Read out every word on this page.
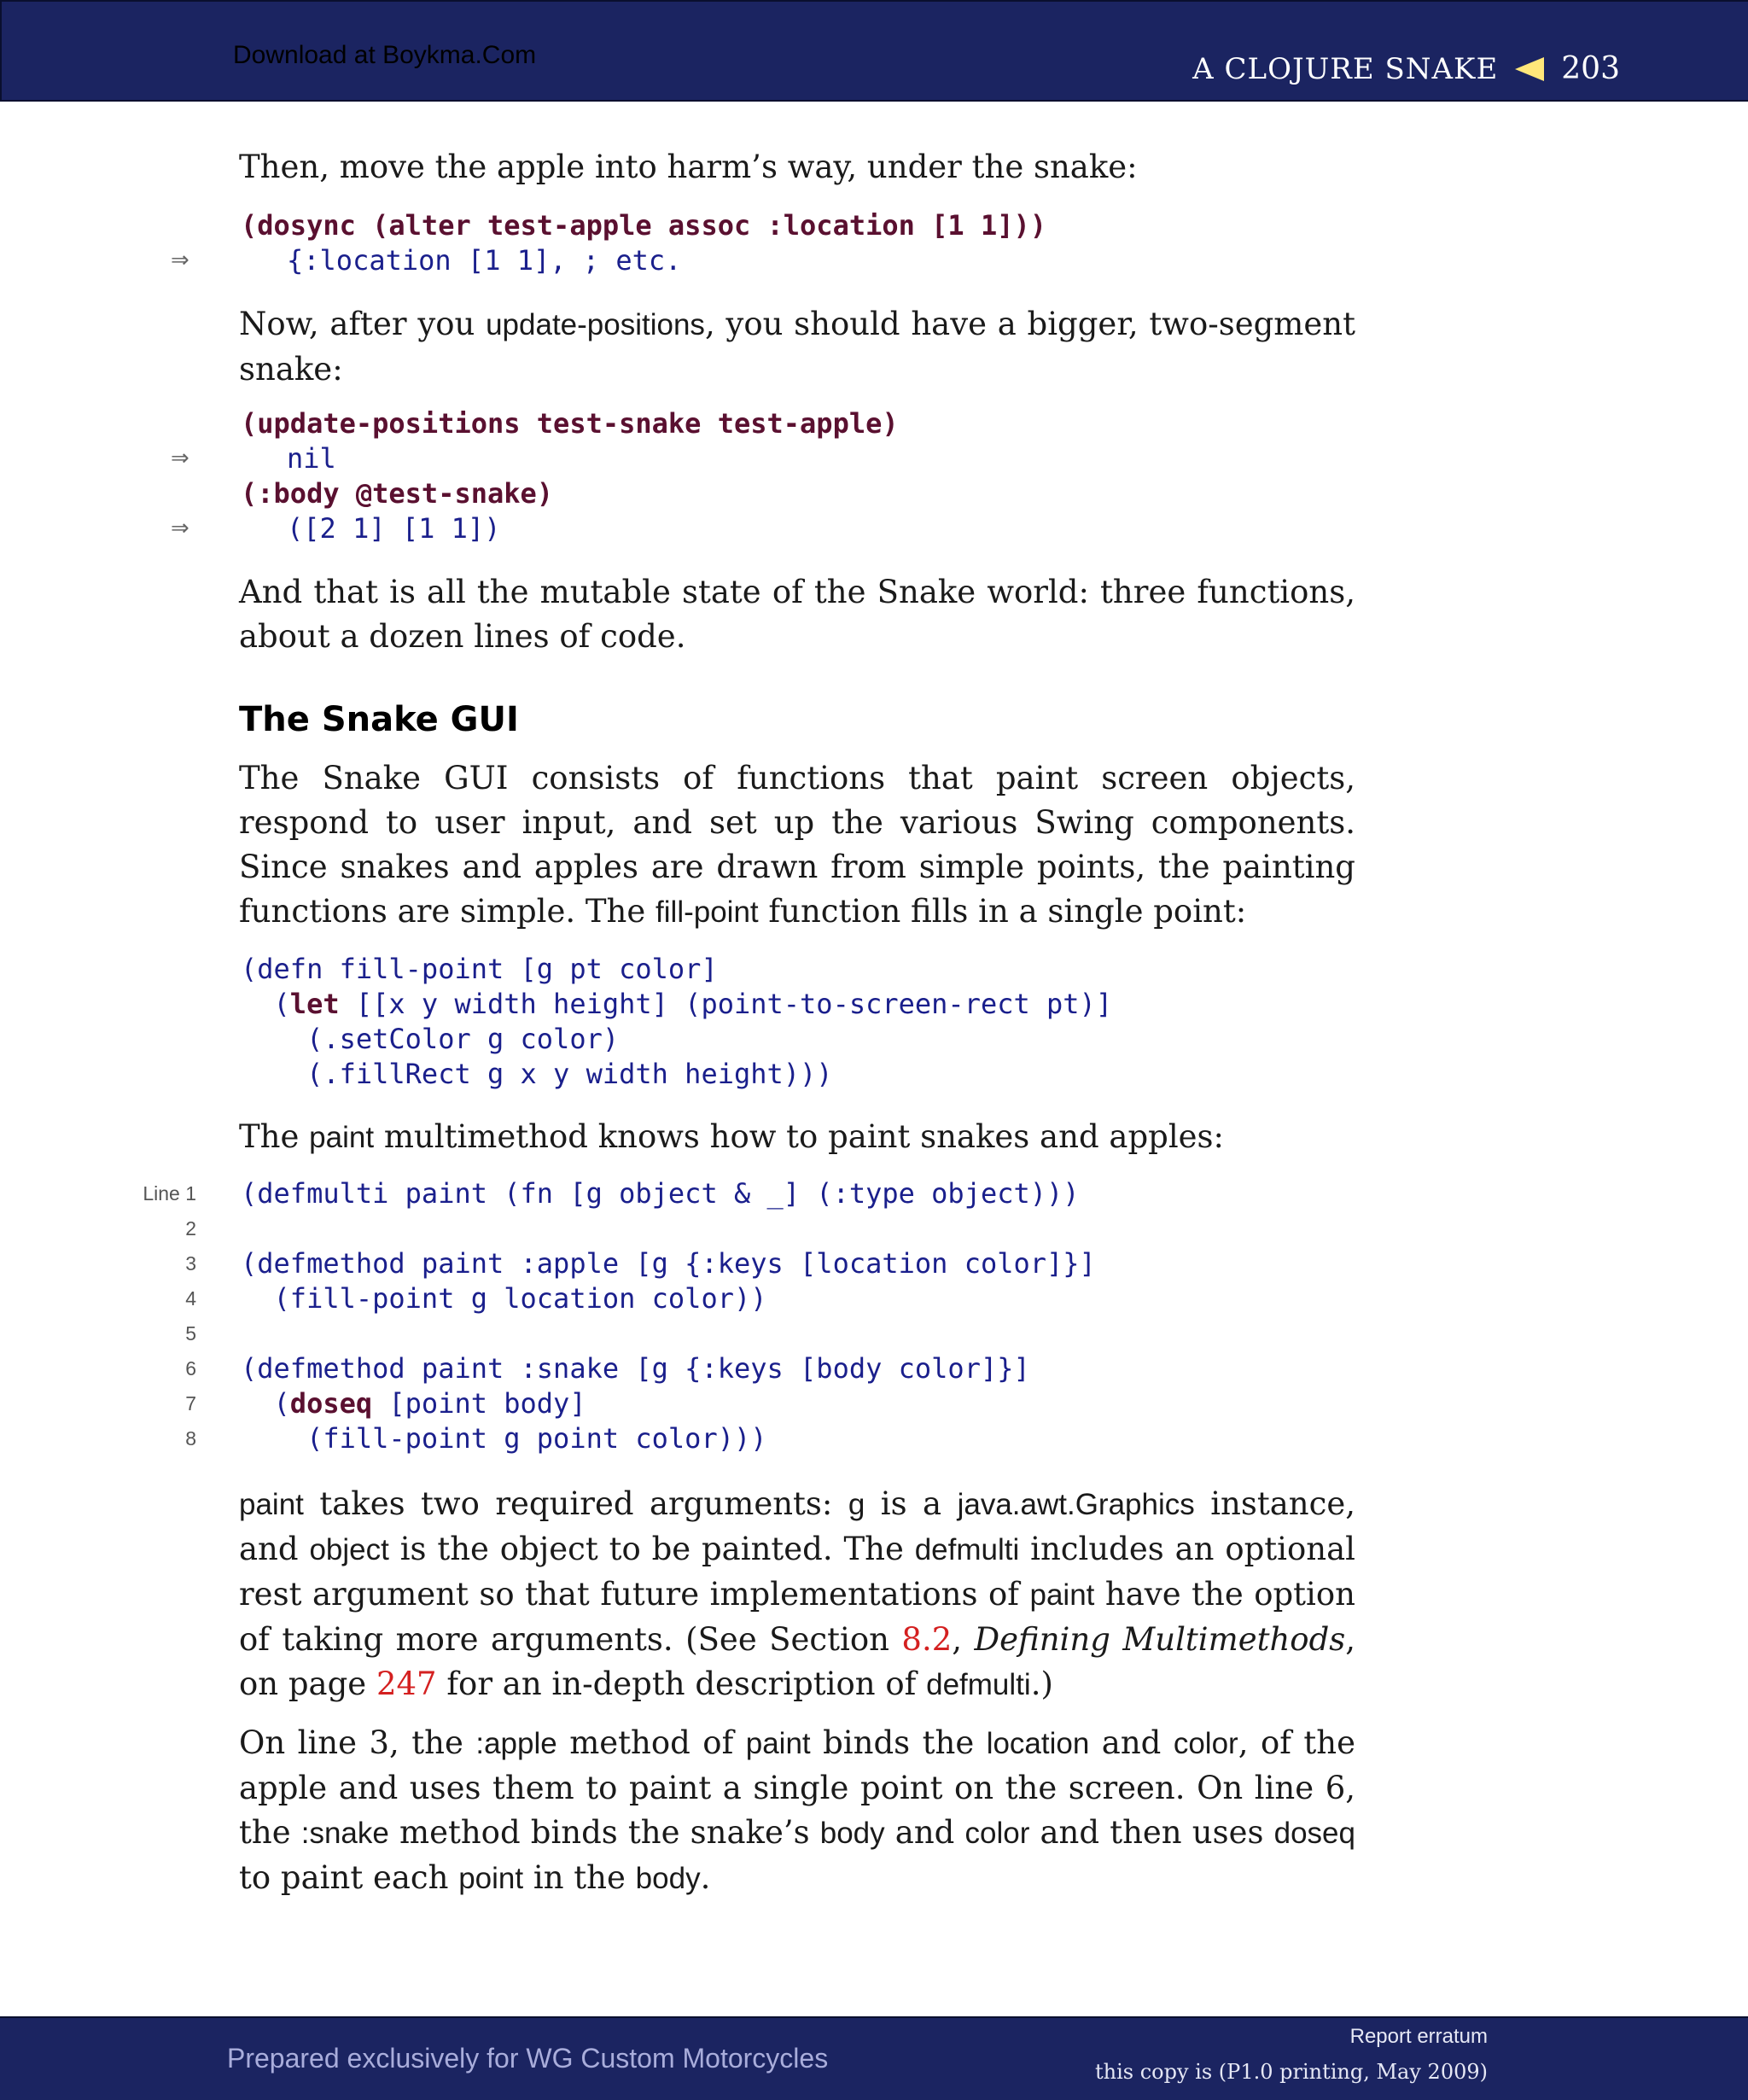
Download at Boykma.Com	A CLOJURE SNAKE 203

Then, move the apple into harm’s way, under the snake:

(dosync (alter test-apple assoc :location [1 1]))

⇒

	{:location [1 1], ; etc.

Now, after you update-positions, you should have a bigger, two-segment snake:

(update-positions test-snake test-apple)

⇒

	nil

(:body @test-snake)

⇒

	([2 1] [1 1])

And that is all the mutable state of the Snake world: three functions, about a dozen lines of code.

The Snake GUI

The Snake GUI consists of functions that paint screen objects, respond to user input, and set up the various Swing components. Since snakes and apples are drawn from simple points, the painting functions are simple. The fill-point function fills in a single point:

(defn fill-point [g pt color]
(let [[x y width height] (point-to-screen-rect pt)]
(.setColor g color)
(.fillRect g x y width height)))

The paint multimethod knows how to paint snakes and apples:

Line 1

(defmulti paint (fn [g object & _] (:type object)))

2

3

(defmethod paint :apple [g {:keys [location color]}]

4

(fill-point g location color))

5

6

(defmethod paint :snake [g {:keys [body color]}]

7

(doseq [point body]

8

(fill-point g point color)))

paint takes two required arguments: g is a java.awt.Graphics instance, and object is the object to be painted. The defmulti includes an optional rest argument so that future implementations of paint have the option of taking more arguments. (See Section 8.2, Defining Multimethods, on page 247 for an in-depth description of defmulti.)

On line 3, the :apple method of paint binds the location and color, of the apple and uses them to paint a single point on the screen. On line 6, the :snake method binds the snake’s body and color and then uses doseq to paint each point in the body.

Prepared exclusively for WG Custom Motorcycles
Report erratum
this copy is (P1.0 printing, May 2009)
